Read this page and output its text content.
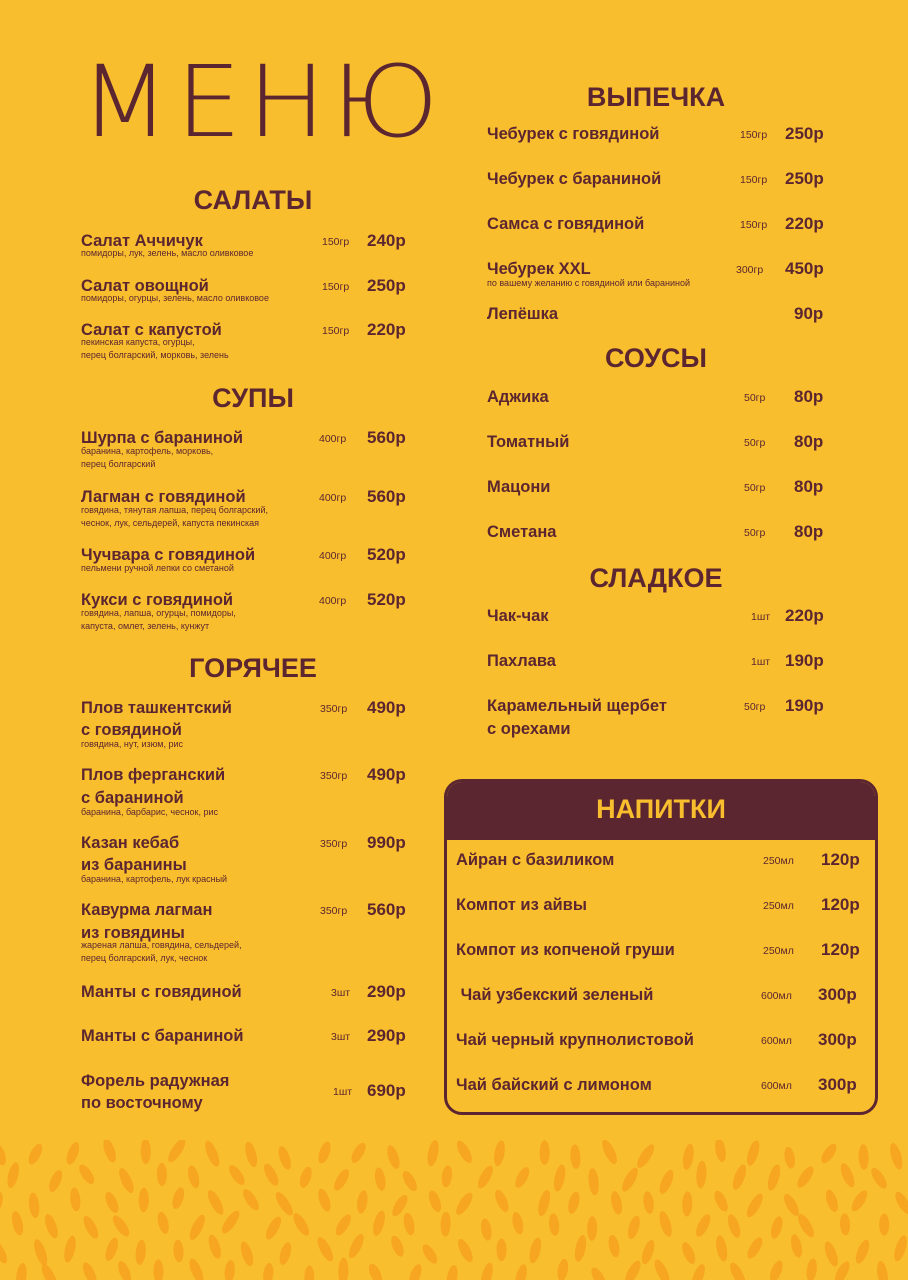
МЕНЮ
САЛАТЫ
Салат Аччичук
помидоры, лук, зелень, масло оливковое
150гр 240р
Салат овощной
помидоры, огурцы, зелень, масло оливковое
150гр 250р
Салат с капустой
пекинская капуста, огурцы,
перец болгарский, морковь, зелень
150гр 220р
СУПЫ
Шурпа с бараниной
баранина, картофель, морковь,
перец болгарский
400гр 560р
Лагман с говядиной
говядина, тянутая лапша, перец болгарский,
чеснок, лук, сельдерей, капуста пекинская
400гр 560р
Чучвара с говядиной
пельмени ручной лепки со сметаной
400гр 520р
Кукси с говядиной
говядина, лапша, огурцы, помидоры,
капуста, омлет, зелень, кунжут
400гр 520р
ГОРЯЧЕЕ
Плов ташкентский
с говядиной
говядина, нут, изюм, рис
350гр 490р
Плов ферганский
с бараниной
баранина, барбарис, чеснок, рис
350гр 490р
Казан кебаб
из баранины
баранина, картофель, лук красный
350гр 990р
Кавурма лагман
из говядины
жареная лапша, говядина, сельдерей,
перец болгарский, лук, чеснок
350гр 560р
Манты с говядиной	3шт 290р
Манты с бараниной	3шт 290р
Форель радужная
по восточному
1шт 690р
ВЫПЕЧКА
Чебурек с говядиной	150гр 250р
Чебурек с бараниной	150гр 250р
Самса с говядиной	150гр 220р
Чебурек XXL
по вашему желанию с говядиной или бараниной
300гр 450р
Лепёшка	90р
СОУСЫ
Аджика	50гр 80р
Томатный	50гр 80р
Мацони	50гр 80р
Сметана	50гр 80р
СЛАДКОЕ
Чак-чак	1шт 220р
Пахлава	1шт 190р
Карамельный щербет
с орехами
50гр 190р
НАПИТКИ
Айран с базиликом	250мл 120р
Компот из айвы	250мл 120р
Компот из копченой груши	250мл 120р
Чай узбекский зеленый	600мл 300р
Чай черный крупнолистовой	600мл 300р
Чай байский с лимоном	600мл 300р
